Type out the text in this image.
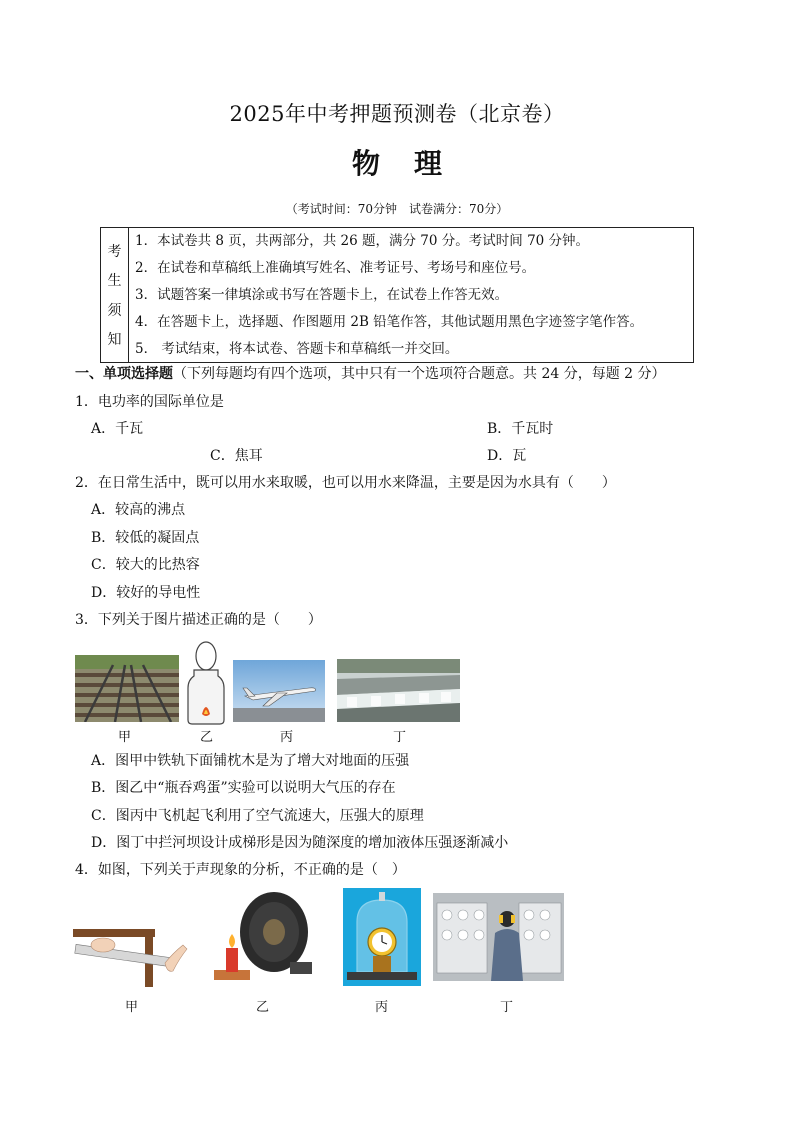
2025年中考押题预测卷（北京卷）
物理
（考试时间：70分钟　试卷满分：70分）
考
生
须
知
1．本试卷共 8 页，共两部分，共 26 题，满分 70 分。考试时间 70 分钟。
2．在试卷和草稿纸上准确填写姓名、准考证号、考场号和座位号。
3．试题答案一律填涂或书写在答题卡上，在试卷上作答无效。
4．在答题卡上，选择题、作图题用 2B 铅笔作答，其他试题用黑色字迹签字笔作答。
5． 考试结束，将本试卷、答题卡和草稿纸一并交回。
一、单项选择题（下列每题均有四个选项，其中只有一个选项符合题意。共 24 分，每题 2 分）
1．电功率的国际单位是
A．千瓦	B．千瓦时
C．焦耳	D．瓦
2．在日常生活中，既可以用水来取暖，也可以用水来降温，主要是因为水具有（　　）
A．较高的沸点
B．较低的凝固点
C．较大的比热容
D．较好的导电性
3．下列关于图片描述正确的是（　　）
甲	乙	丙	丁
A．图甲中铁轨下面铺枕木是为了增大对地面的压强
B．图乙中“瓶吞鸡蛋”实验可以说明大气压的存在
C．图丙中飞机起飞利用了空气流速大，压强大的原理
D．图丁中拦河坝设计成梯形是因为随深度的增加液体压强逐渐减小
4．如图，下列关于声现象的分析，不正确的是（　）
甲	乙	丙	丁
